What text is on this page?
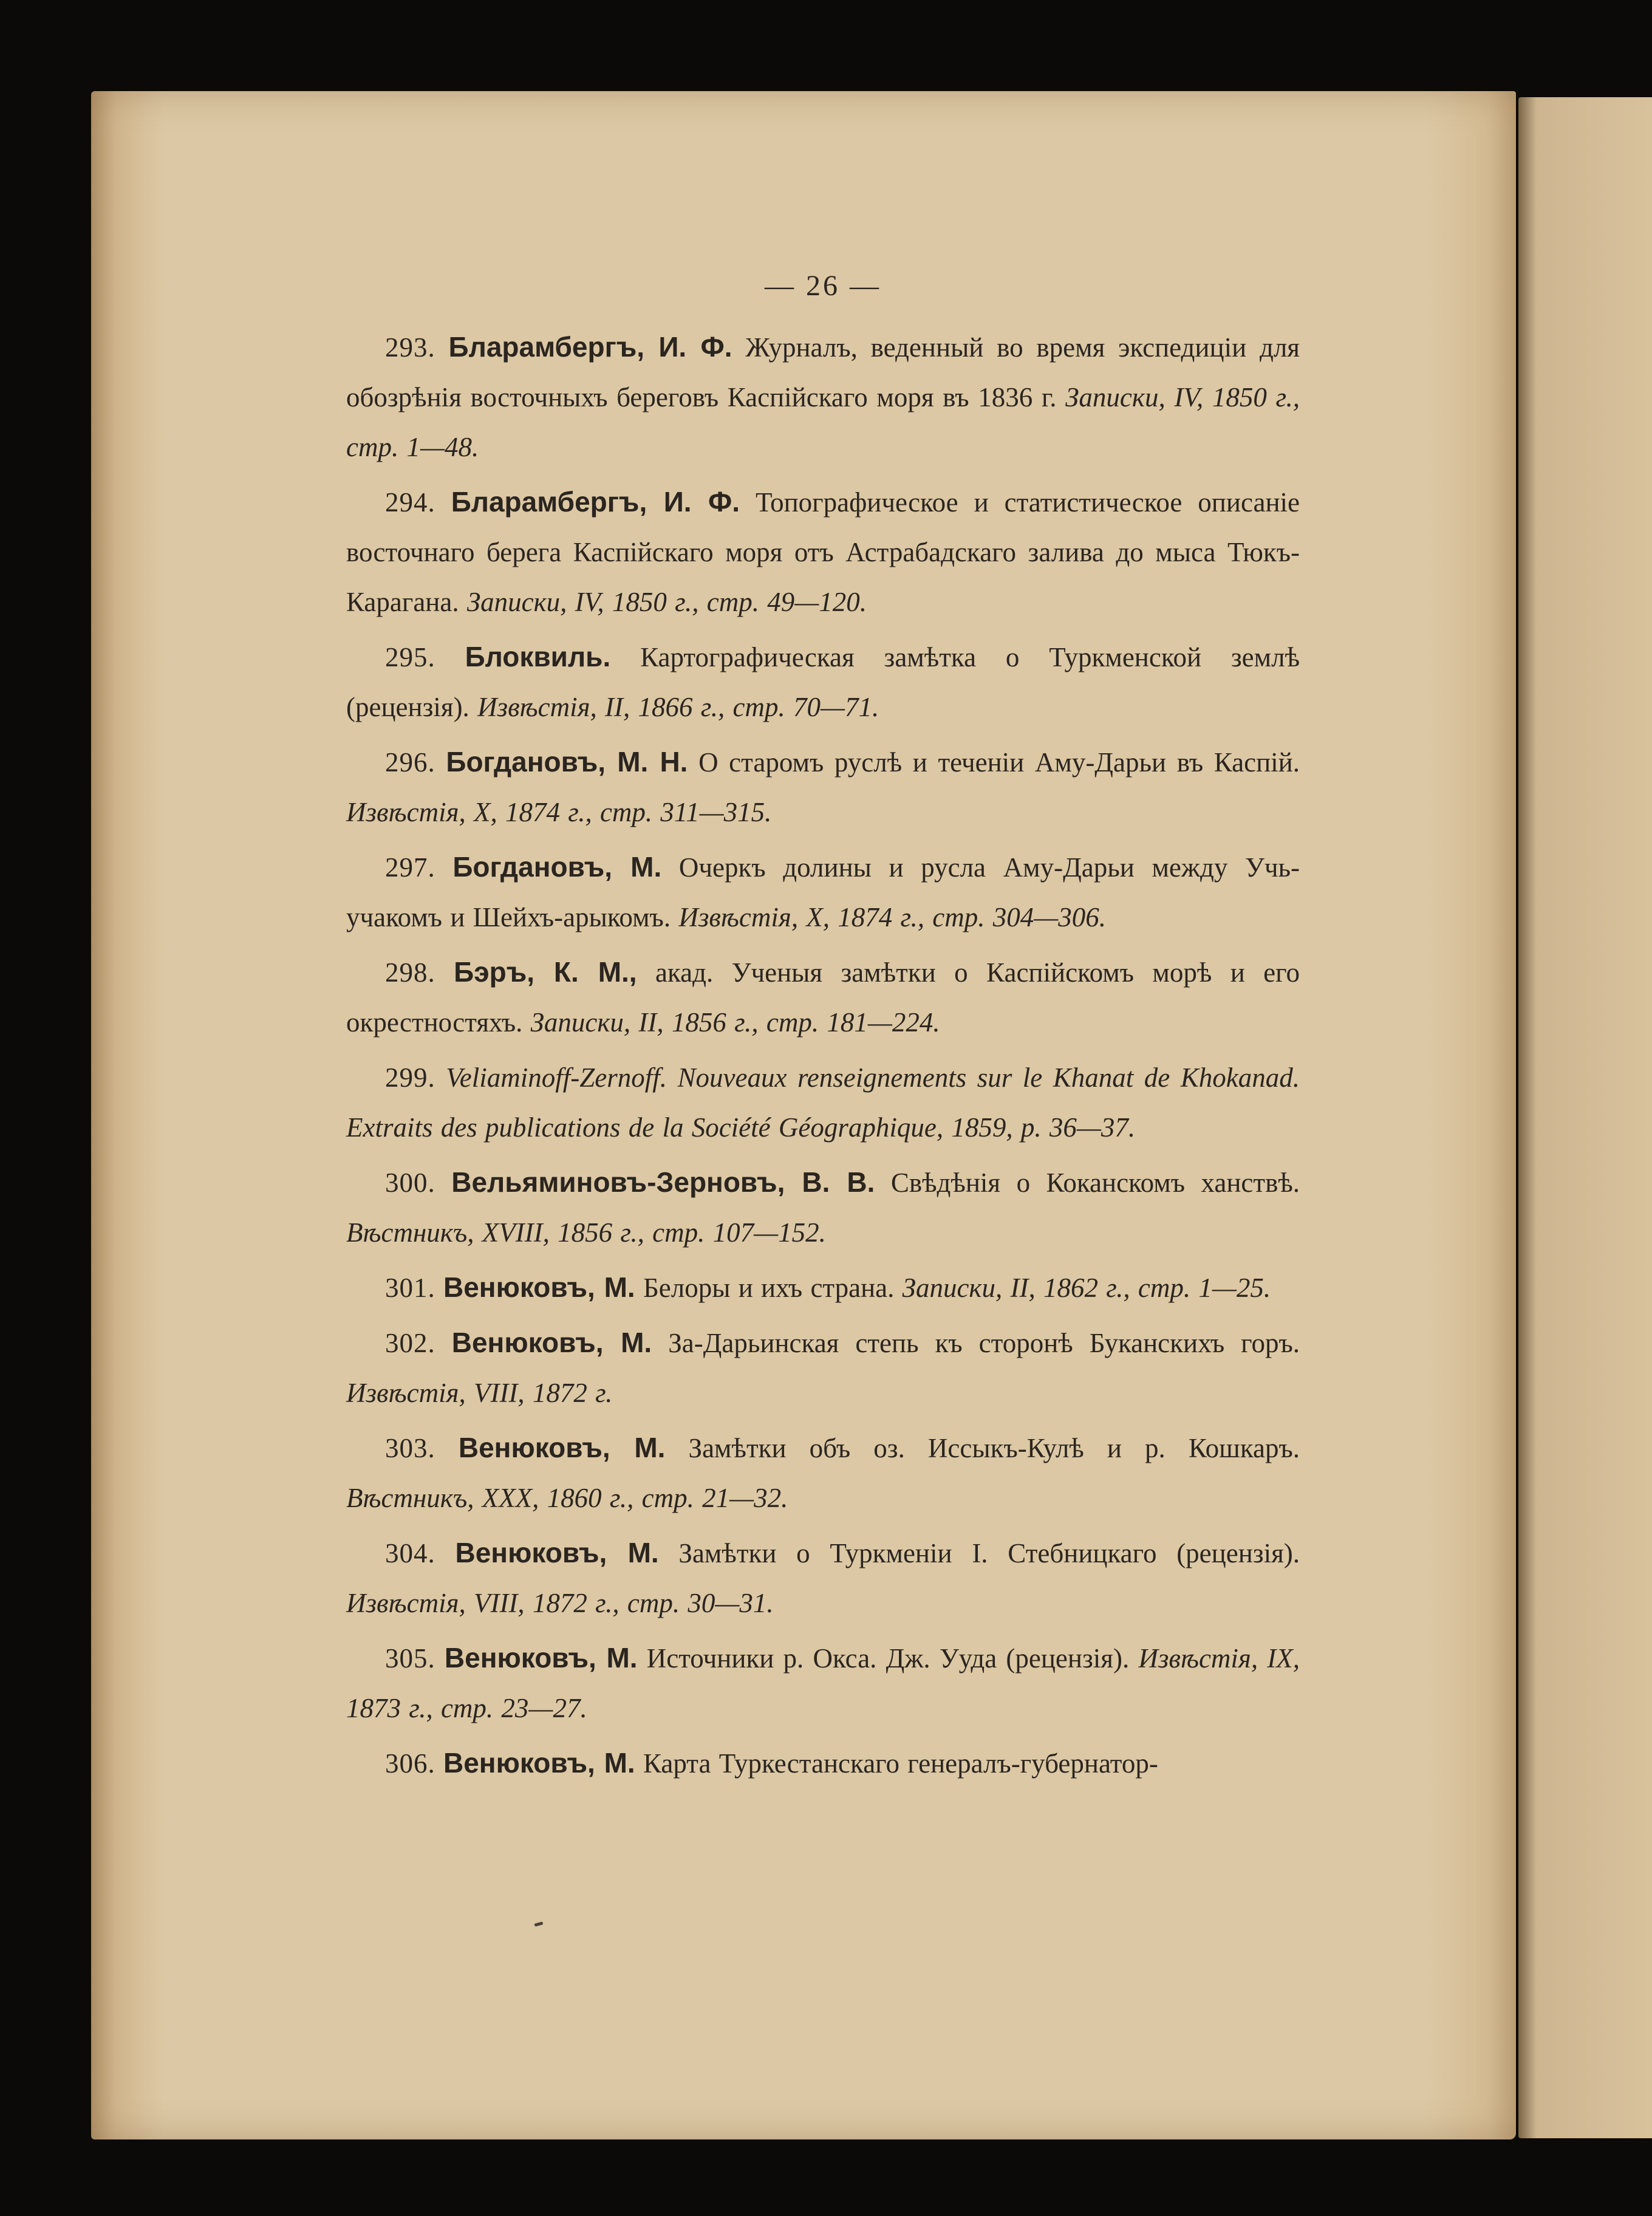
— 26 —
293. Бларамбергъ, И. Ф. Журналъ, веденный во время экспедиціи для обозрѣнія восточныхъ береговъ Каспійскаго моря въ 1836 г. Записки, IV, 1850 г., стр. 1—48.
294. Бларамбергъ, И. Ф. Топографическое и статистическое описаніе восточнаго берега Каспійскаго моря отъ Астрабадскаго залива до мыса Тюкъ-Карагана. Записки, IV, 1850 г., стр. 49—120.
295. Блоквиль. Картографическая замѣтка о Туркменской землѣ (рецензія). Извѣстія, II, 1866 г., стр. 70—71.
296. Богдановъ, М. Н. О старомъ руслѣ и теченіи Аму-Дарьи въ Каспій. Извѣстія, X, 1874 г., стр. 311—315.
297. Богдановъ, М. Очеркъ долины и русла Аму-Дарьи между Учь-учакомъ и Шейхъ-арыкомъ. Извѣстія, X, 1874 г., стр. 304—306.
298. Бэръ, К. М., акад. Ученыя замѣтки о Каспійскомъ морѣ и его окрестностяхъ. Записки, II, 1856 г., стр. 181—224.
299. Veliaminoff-Zernoff. Nouveaux renseignements sur le Khanat de Khokanad. Extraits des publications de la Société Géographique, 1859, p. 36—37.
300. Вельяминовъ-Зерновъ, В. В. Свѣдѣнія о Коканскомъ ханствѣ. Вѣстникъ, XVIII, 1856 г., стр. 107—152.
301. Венюковъ, М. Белоры и ихъ страна. Записки, II, 1862 г., стр. 1—25.
302. Венюковъ, М. За-Дарьинская степь къ сторонѣ Буканскихъ горъ. Извѣстія, VIII, 1872 г.
303. Венюковъ, М. Замѣтки объ оз. Иссыкъ-Кулѣ и р. Кошкаръ. Вѣстникъ, XXX, 1860 г., стр. 21—32.
304. Венюковъ, М. Замѣтки о Туркменіи I. Стебницкаго (рецензія). Извѣстія, VIII, 1872 г., стр. 30—31.
305. Венюковъ, М. Источники р. Окса. Дж. Ууда (рецензія). Извѣстія, IX, 1873 г., стр. 23—27.
306. Венюковъ, М. Карта Туркестанскаго генералъ-губернатор-
